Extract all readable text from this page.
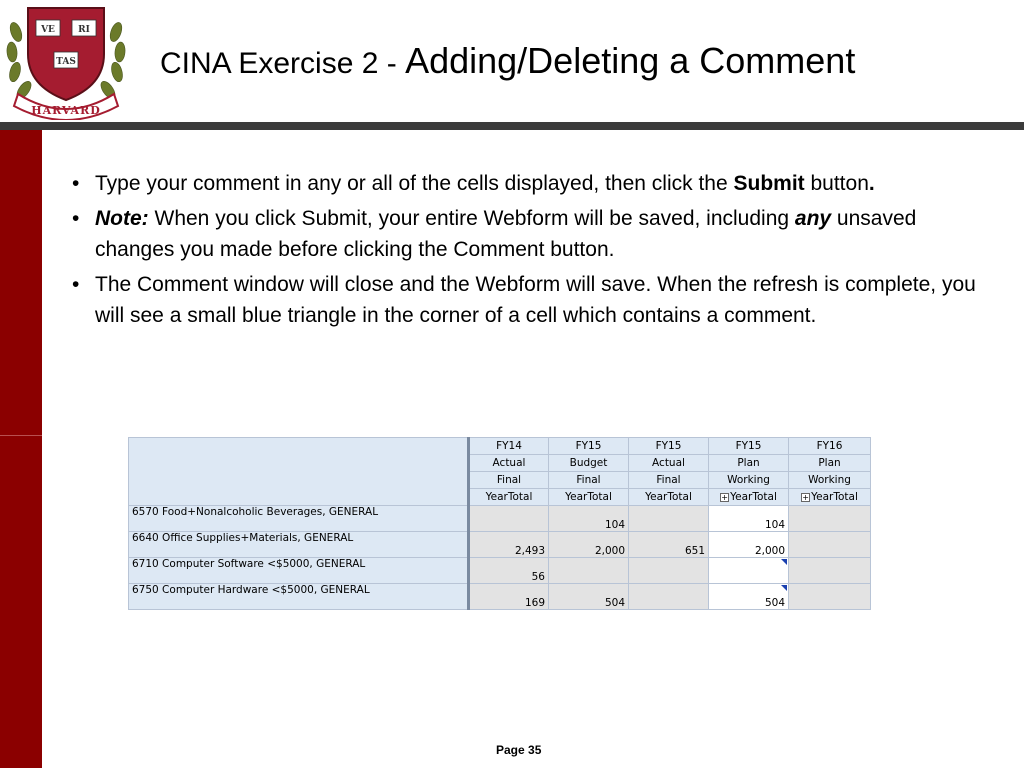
VE	RI
TAS
HARVARD
CINA Exercise 2 - Adding/Deleting a Comment
• Type your comment in any or all of the cells displayed, then click the Submit button.
• Note: When you click Submit, your entire Webform will be saved, including any unsaved changes you made before clicking the Comment button.
• The Comment window will close and the Webform will save. When the refresh is complete, you will see a small blue triangle in the corner of a cell which contains a comment.
	FY14	FY15	FY15	FY15	FY16
	Actual	Budget	Actual	Plan	Plan
	Final	Final	Final	Working	Working
	YearTotal	YearTotal	YearTotal	+ YearTotal	+ YearTotal
6570 Food+Nonalcoholic Beverages, GENERAL		104		104	
6640 Office Supplies+Materials, GENERAL	2,493	2,000	651	2,000	
6710 Computer Software <$5000, GENERAL	56			

6750 Computer Hardware <$5000, GENERAL	169	504		504

Page 35
